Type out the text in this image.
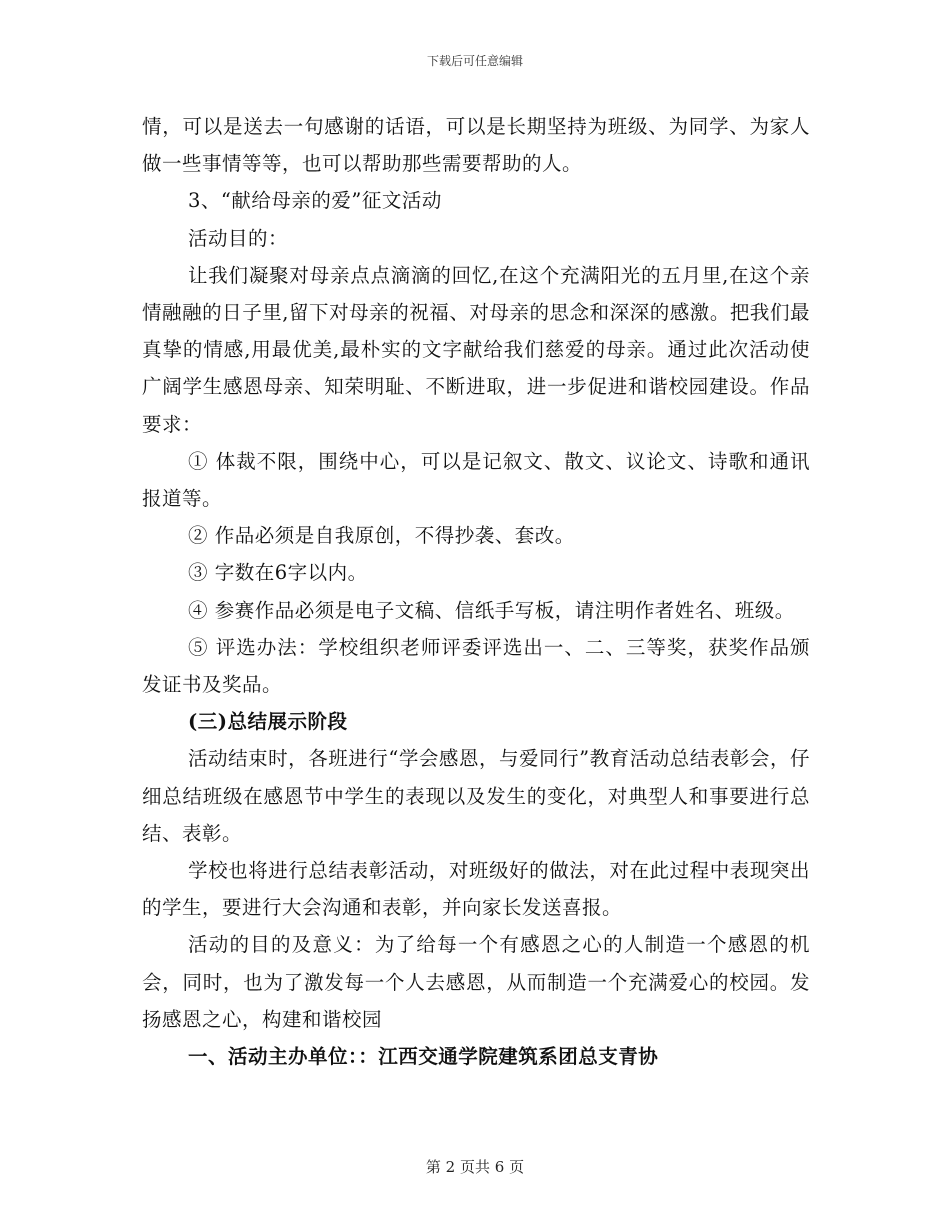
下载后可任意编辑

情，可以是送去一句感谢的话语，可以是长期坚持为班级、为同学、为家人做一些事情等等，也可以帮助那些需要帮助的人。

3、“献给母亲的爱”征文活动

活动目的：

让我们凝聚对母亲点点滴滴的回忆,在这个充满阳光的五月里,在这个亲情融融的日子里,留下对母亲的祝福、对母亲的思念和深深的感激。把我们最真挚的情感,用最优美,最朴实的文字献给我们慈爱的母亲。通过此次活动使广阔学生感恩母亲、知荣明耻、不断进取，进一步促进和谐校园建设。作品要求：

① 体裁不限，围绕中心，可以是记叙文、散文、议论文、诗歌和通讯报道等。

② 作品必须是自我原创，不得抄袭、套改。

③ 字数在6字以内。

④ 参赛作品必须是电子文稿、信纸手写板，请注明作者姓名、班级。

⑤ 评选办法：学校组织老师评委评选出一、二、三等奖，获奖作品颁发证书及奖品。

(三)总结展示阶段

活动结束时，各班进行“学会感恩，与爱同行”教育活动总结表彰会，仔细总结班级在感恩节中学生的表现以及发生的变化，对典型人和事要进行总结、表彰。

学校也将进行总结表彰活动，对班级好的做法，对在此过程中表现突出的学生，要进行大会沟通和表彰，并向家长发送喜报。

活动的目的及意义：为了给每一个有感恩之心的人制造一个感恩的机会，同时，也为了激发每一个人去感恩，从而制造一个充满爱心的校园。发扬感恩之心，构建和谐校园

一、活动主办单位：：江西交通学院建筑系团总支青协

第 2 页共 6 页
